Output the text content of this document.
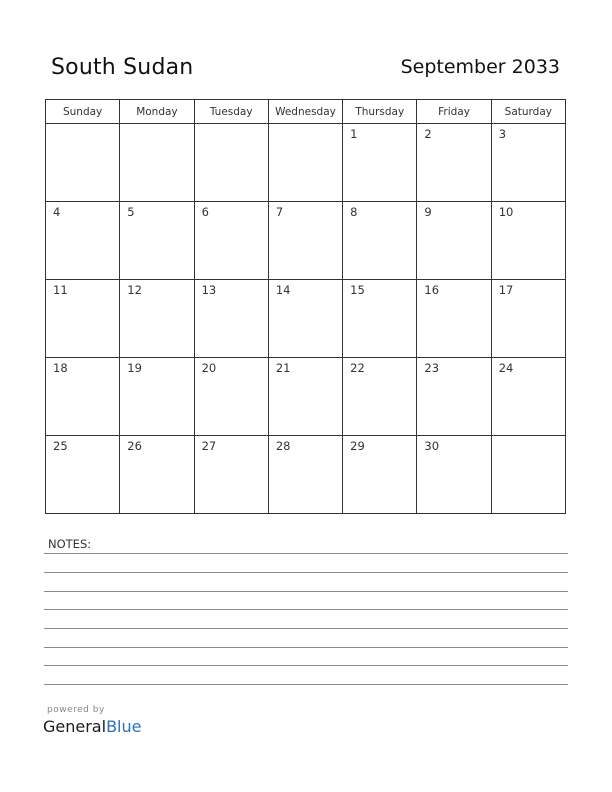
South Sudan	September 2033
Sunday	Monday	Tuesday	Wednesday	Thursday	Friday	Saturday

				1	2	3

4	5	6	7	8	9	10

11	12	13	14	15	16	17

18	19	20	21	22	23	24

25	26	27	28	29	30	

NOTES:
powered by
GeneralBlue
